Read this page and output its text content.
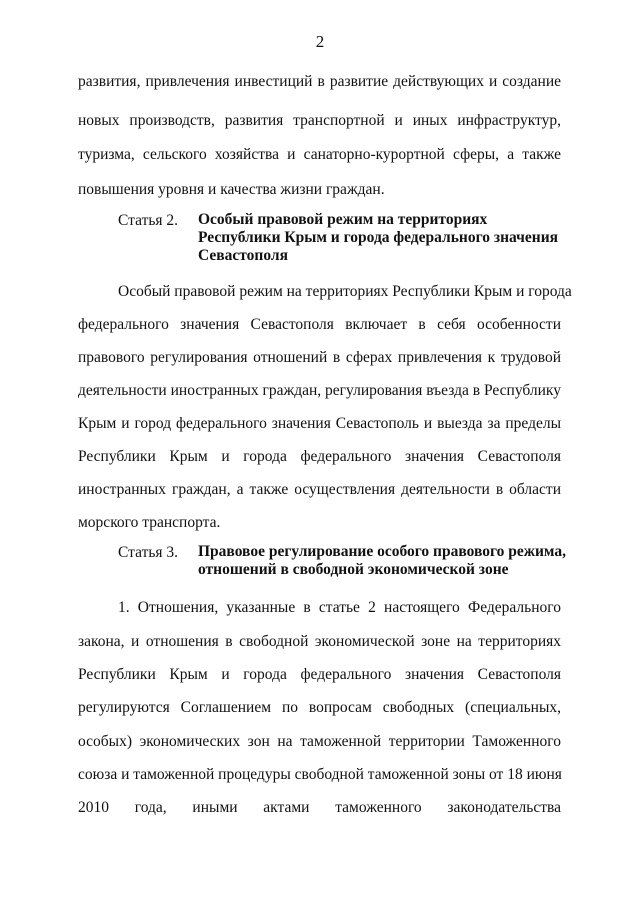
2
развития, привлечения инвестиций в развитие действующих и создание
новых производств, развития транспортной и иных инфраструктур,
туризма, сельского хозяйства и санаторно-курортной сферы, а также
повышения уровня и качества жизни граждан.
Статья 2. Особый правовой режим на территориях
Республики Крым и города федерального значения
Севастополя
Особый правовой режим на территориях Республики Крым и города
федерального значения Севастополя включает в себя особенности
правового регулирования отношений в сферах привлечения к трудовой
деятельности иностранных граждан, регулирования въезда в Республику
Крым и город федерального значения Севастополь и выезда за пределы
Республики Крым и города федерального значения Севастополя
иностранных граждан, а также осуществления деятельности в области
морского транспорта.
Статья 3. Правовое регулирование особого правового режима,
отношений в свободной экономической зоне
1. Отношения, указанные в статье 2 настоящего Федерального
закона, и отношения в свободной экономической зоне на территориях
Республики Крым и города федерального значения Севастополя
регулируются Соглашением по вопросам свободных (специальных,
особых) экономических зон на таможенной территории Таможенного
союза и таможенной процедуры свободной таможенной зоны от 18 июня
2010 года, иными актами таможенного законодательства
